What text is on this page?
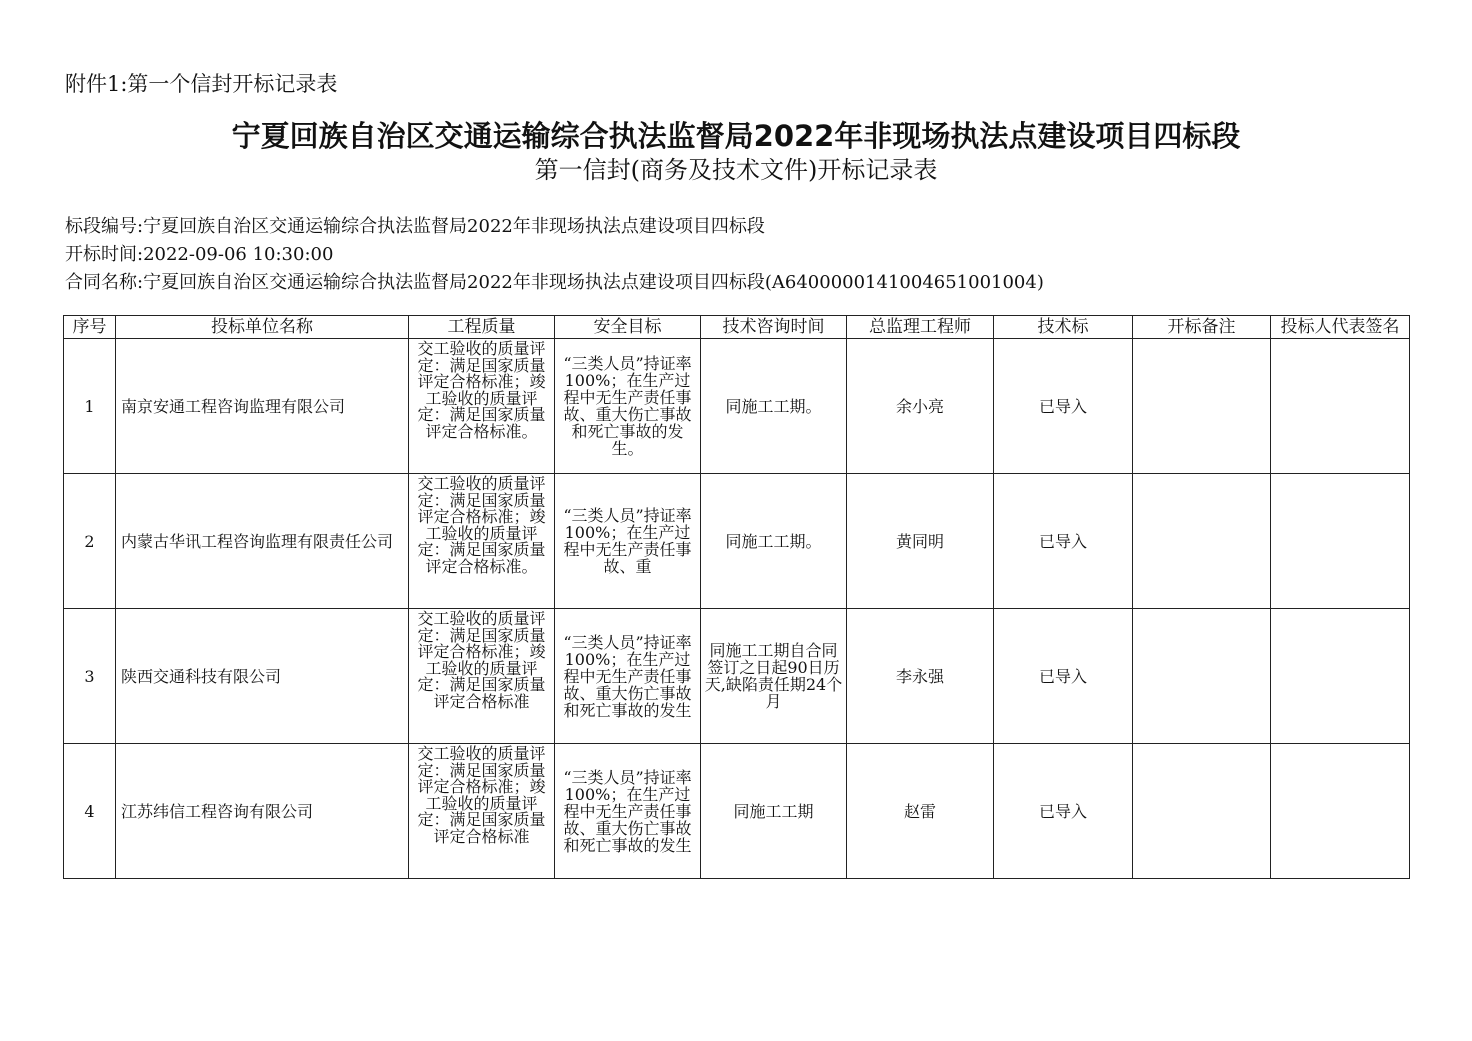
附件1:第一个信封开标记录表
宁夏回族自治区交通运输综合执法监督局2022年非现场执法点建设项目四标段
第一信封(商务及技术文件)开标记录表
标段编号:宁夏回族自治区交通运输综合执法监督局2022年非现场执法点建设项目四标段
开标时间:2022-09-06 10:30:00
合同名称:宁夏回族自治区交通运输综合执法监督局2022年非现场执法点建设项目四标段(A640000014100465100​1004)
序号	投标单位名称	工程质量	安全目标	技术咨询时间	总监理工程师	技术标	开标备注	投标人代表签名
1	南京安通工程咨询监理有限公司	交工验收的质量评定：满足国家质量评定合格标准；竣工验收的质量评定：满足国家质量评定合格标准。	“三类人员”持证率100%；在生产过程中无生产责任事故、重大伤亡事故和死亡事故的发生。	同施工工期。	余小亮	已导入		
2	内蒙古华讯工程咨询监理有限责任公司	交工验收的质量评定：满足国家质量评定合格标准；竣工验收的质量评定：满足国家质量评定合格标准。	“三类人员”持证率 100%；在生产过程中无生产责任事故、重	同施工工期。	黄同明	已导入		
3	陕西交通科技有限公司	交工验收的质量评定：满足国家质量评定合格标准；竣工验收的质量评定：满足国家质量评定合格标准	“三类人员”持证率100%；在生产过程中无生产责任事故、重大伤亡事故和死亡事故的发生	同施工工期自合同签订之日起90日历天,缺陷责任期24个月	李永强	已导入		
4	江苏纬信工程咨询有限公司	交工验收的质量评定：满足国家质量评定合格标准；竣工验收的质量评定：满足国家质量评定合格标准	“三类人员”持证率100%；在生产过程中无生产责任事故、重大伤亡事故和死亡事故的发生	同施工工期	赵雷	已导入		
